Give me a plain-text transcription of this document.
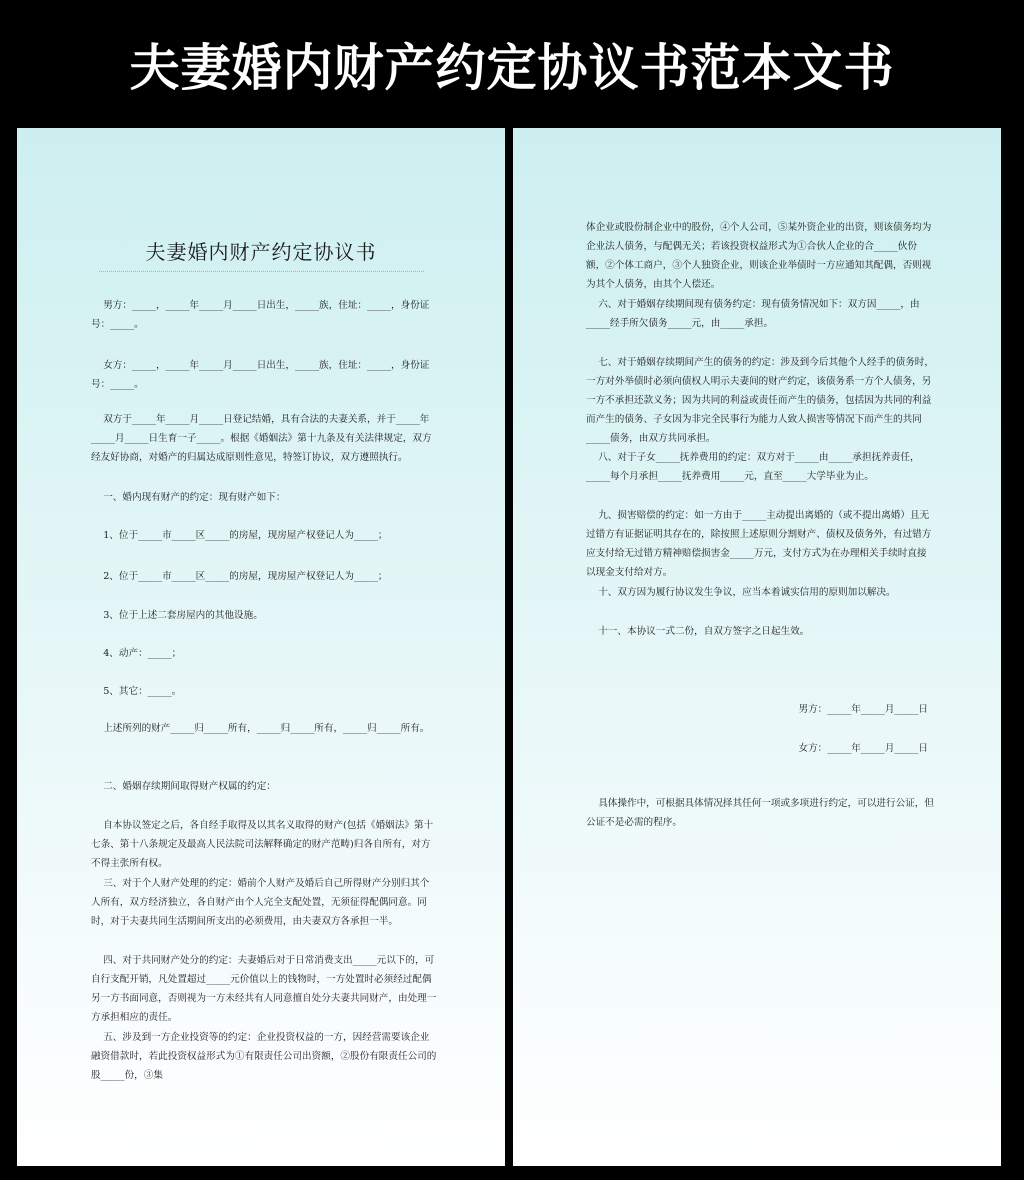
夫妻婚内财产约定协议书范本文书
夫妻婚内财产约定协议书
男方：_____，_____年_____月_____日出生，_____族，住址：_____，身份证号：_____。
女方：_____，_____年_____月_____日出生，_____族，住址：_____，身份证号：_____。
双方于_____年_____月_____日登记结婚，具有合法的夫妻关系，并于_____年_____月_____日生育一子_____。根据《婚姻法》第十九条及有关法律规定，双方经友好协商，对婚产的归属达成原则性意见，特签订协议，双方遵照执行。
一、婚内现有财产的约定：现有财产如下：
1、位于_____市_____区_____的房屋，现房屋产权登记人为_____；
2、位于_____市_____区_____的房屋，现房屋产权登记人为_____；
3、位于上述二套房屋内的其他设施。
4、动产：_____；
5、其它：_____。
上述所列的财产_____归_____所有，_____归_____所有，_____归_____所有。
二、婚姻存续期间取得财产权属的约定：
自本协议签定之后，各自经手取得及以其名义取得的财产(包括《婚姻法》第十七条、第十八条规定及最高人民法院司法解释确定的财产范畴)归各自所有，对方不得主张所有权。
三、对于个人财产处理的约定：婚前个人财产及婚后自己所得财产分别归其个人所有，双方经济独立，各自财产由个人完全支配处置，无须征得配偶同意。同时，对于夫妻共同生活期间所支出的必须费用，由夫妻双方各承担一半。
四、对于共同财产处分的约定：夫妻婚后对于日常消费支出_____元以下的，可自行支配开销，凡处置超过_____元价值以上的钱物时，一方处置时必须经过配偶另一方书面同意，否则视为一方未经共有人同意擅自处分夫妻共同财产，由处理一方承担相应的责任。
五、涉及到一方企业投资等的约定：企业投资权益的一方，因经营需要该企业融资借款时，若此投资权益形式为①有限责任公司出资额，②股份有限责任公司的股_____份，③集
体企业或股份制企业中的股份，④个人公司，⑤某外资企业的出资，则该债务均为企业法人债务，与配偶无关；若该投资权益形式为①合伙人企业的合_____伙份额，②个体工商户，③个人独资企业，则该企业举债时一方应通知其配偶，否则视为其个人债务，由其个人偿还。
六、对于婚姻存续期间现有债务约定：现有债务情况如下：双方因_____，由_____经手所欠债务_____元，由_____承担。
七、对于婚姻存续期间产生的债务的约定：涉及到今后其他个人经手的债务时，一方对外举债时必须向债权人明示夫妻间的财产约定，该债务系一方个人债务，另一方不承担还款义务；因为共同的利益或责任而产生的债务，包括因为共同的利益而产生的债务、子女因为非完全民事行为能力人致人损害等情况下而产生的共同_____债务，由双方共同承担。
八、对于子女_____抚养费用的约定：双方对于_____由_____承担抚养责任，_____每个月承担_____抚养费用_____元，直至_____大学毕业为止。
九、损害赔偿的约定：如一方由于_____主动提出离婚的（或不提出离婚）且无过错方有证据证明其存在的，除按照上述原则分割财产、债权及债务外，有过错方应支付给无过错方精神赔偿损害金_____万元，支付方式为在办理相关手续时直接以现金支付给对方。
十、双方因为履行协议发生争议，应当本着诚实信用的原则加以解决。
十一、本协议一式二份，自双方签字之日起生效。
男方：_____年_____月_____日
女方：_____年_____月_____日
具体操作中，可根据具体情况择其任何一项或多项进行约定，可以进行公证，但公证不是必需的程序。
